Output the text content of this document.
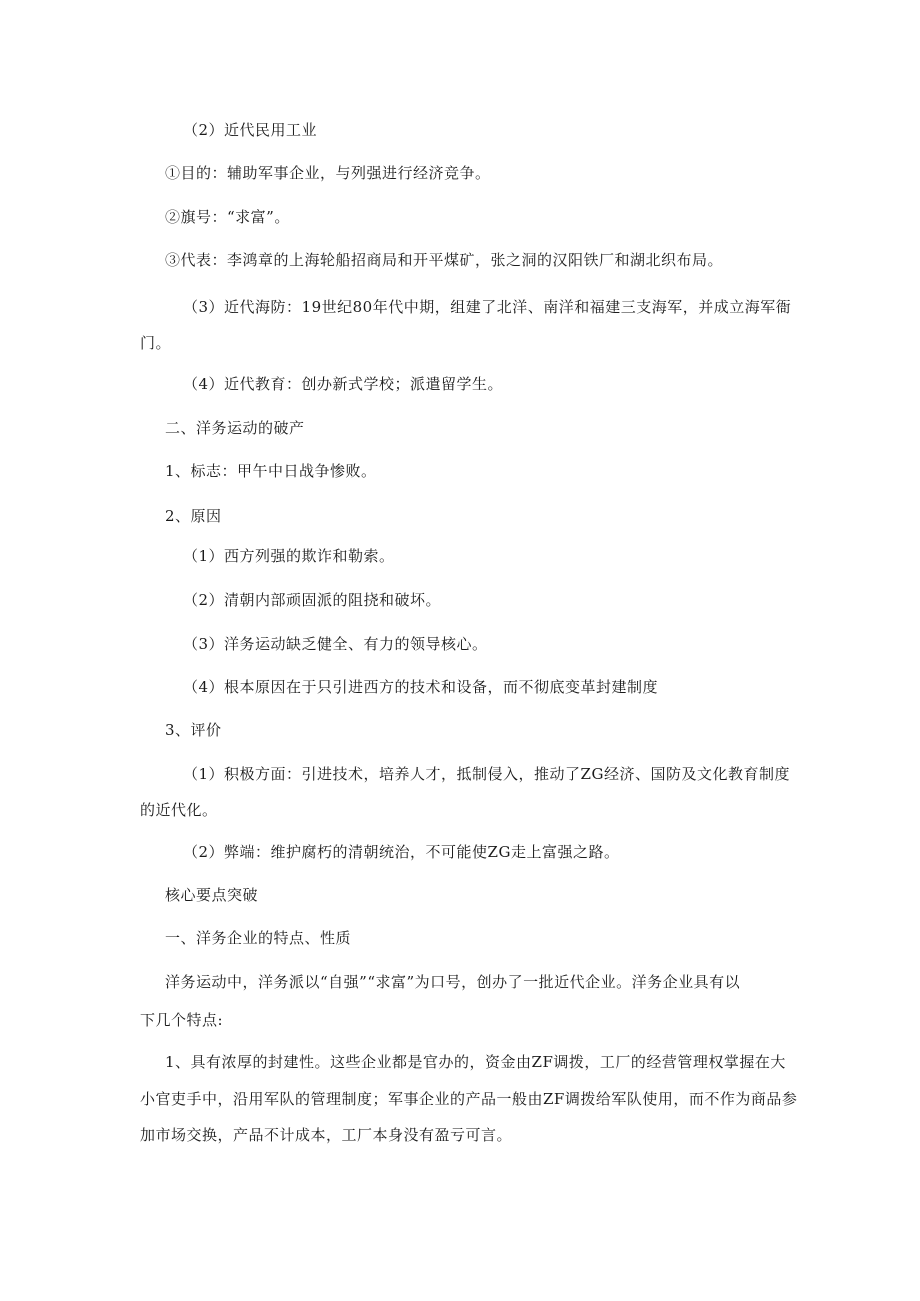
（2）近代民用工业
①目的：辅助军事企业，与列强进行经济竞争。
②旗号：“求富”。
③代表：李鸿章的上海轮船招商局和开平煤矿，张之洞的汉阳铁厂和湖北织布局。
（3）近代海防：19世纪80年代中期，组建了北洋、南洋和福建三支海军，并成立海军衙
门。
（4）近代教育：创办新式学校；派遣留学生。
二、洋务运动的破产
1、标志：甲午中日战争惨败。
2、原因
（1）西方列强的欺诈和勒索。
（2）清朝内部顽固派的阻挠和破坏。
（3）洋务运动缺乏健全、有力的领导核心。
（4）根本原因在于只引进西方的技术和设备，而不彻底变革封建制度
3、评价
（1）积极方面：引进技术，培养人才，抵制侵入，推动了ZG经济、国防及文化教育制度
的近代化。
（2）弊端：维护腐朽的清朝统治，不可能使ZG走上富强之路。
核心要点突破
一、洋务企业的特点、性质
洋务运动中，洋务派以“自强”“求富”为口号，创办了一批近代企业。洋务企业具有以
下几个特点:
1、具有浓厚的封建性。这些企业都是官办的，资金由ZF调拨，工厂的经营管理权掌握在大
小官吏手中，沿用军队的管理制度；军事企业的产品一般由ZF调拨给军队使用，而不作为商品参
加市场交换，产品不计成本，工厂本身没有盈亏可言。
